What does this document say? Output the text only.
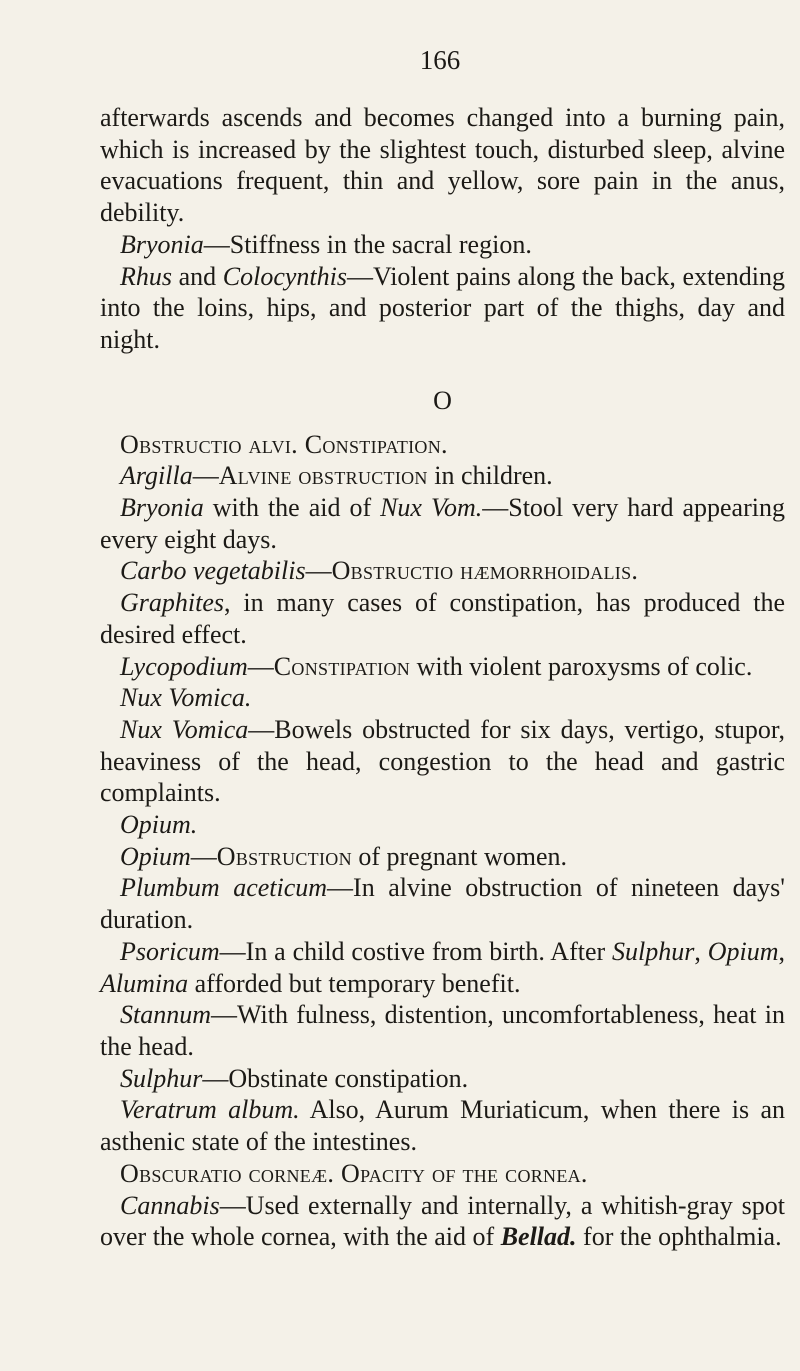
166

afterwards ascends and becomes changed into a burning pain, which is increased by the slightest touch, disturbed sleep, alvine evacuations frequent, thin and yellow, sore pain in the anus, debility.

Bryonia—Stiffness in the sacral region.

Rhus and Colocynthis—Violent pains along the back, extending into the loins, hips, and posterior part of the thighs, day and night.

O

Obstructio alvi. Constipation.

Argilla—Alvine obstruction in children.

Bryonia with the aid of Nux Vom.—Stool very hard appearing every eight days.

Carbo vegetabilis—Obstructio hæmorrhoidalis.

Graphites, in many cases of constipation, has produced the desired effect.

Lycopodium—Constipation with violent paroxysms of colic.

Nux Vomica.

Nux Vomica—Bowels obstructed for six days, vertigo, stupor, heaviness of the head, congestion to the head and gastric complaints.

Opium.

Opium—Obstruction of pregnant women.

Plumbum aceticum—In alvine obstruction of nineteen days' duration.

Psoricum—In a child costive from birth. After Sulphur, Opium, Alumina afforded but temporary benefit.

Stannum—With fulness, distention, uncomfortableness, heat in the head.

Sulphur—Obstinate constipation.

Veratrum album. Also, Aurum Muriaticum, when there is an asthenic state of the intestines.

Obscuratio corneæ. Opacity of the cornea.

Cannabis—Used externally and internally, a whitish-gray spot over the whole cornea, with the aid of Bellad. for the ophthalmia.
